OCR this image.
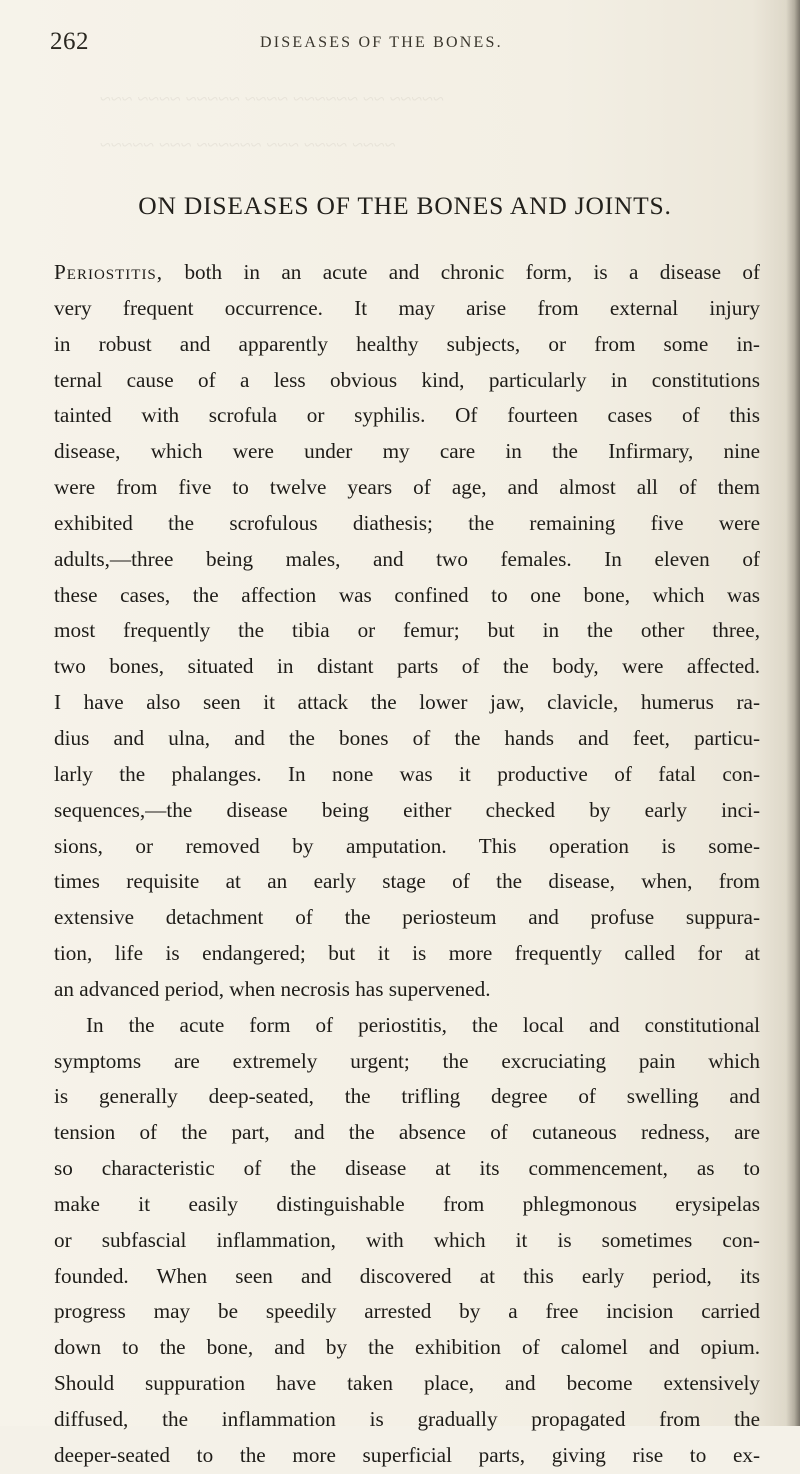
~~~ ~~~~ ~~~~~ ~~~~ ~~~~~~ ~~ ~~~~~
~~~~~ ~~~ ~~~~~~ ~~~ ~~~~ ~~~~
262	DISEASES OF THE BONES.
ON DISEASES OF THE BONES AND JOINTS.
Periostitis, both in an acute and chronic form, is a disease of
very frequent occurrence. It may arise from external injury
in robust and apparently healthy subjects, or from some in-
ternal cause of a less obvious kind, particularly in constitutions
tainted with scrofula or syphilis. Of fourteen cases of this
disease, which were under my care in the Infirmary, nine
were from five to twelve years of age, and almost all of them
exhibited the scrofulous diathesis; the remaining five were
adults,—three being males, and two females. In eleven of
these cases, the affection was confined to one bone, which was
most frequently the tibia or femur; but in the other three,
two bones, situated in distant parts of the body, were affected.
I have also seen it attack the lower jaw, clavicle, humerus ra-
dius and ulna, and the bones of the hands and feet, particu-
larly the phalanges. In none was it productive of fatal con-
sequences,—the disease being either checked by early inci-
sions, or removed by amputation. This operation is some-
times requisite at an early stage of the disease, when, from
extensive detachment of the periosteum and profuse suppura-
tion, life is endangered; but it is more frequently called for at
an advanced period, when necrosis has supervened.
In the acute form of periostitis, the local and constitutional
symptoms are extremely urgent; the excruciating pain which
is generally deep-seated, the trifling degree of swelling and
tension of the part, and the absence of cutaneous redness, are
so characteristic of the disease at its commencement, as to
make it easily distinguishable from phlegmonous erysipelas
or subfascial inflammation, with which it is sometimes con-
founded. When seen and discovered at this early period, its
progress may be speedily arrested by a free incision carried
down to the bone, and by the exhibition of calomel and opium.
Should suppuration have taken place, and become extensively
diffused, the inflammation is gradually propagated from the
deeper-seated to the more superficial parts, giving rise to ex-
